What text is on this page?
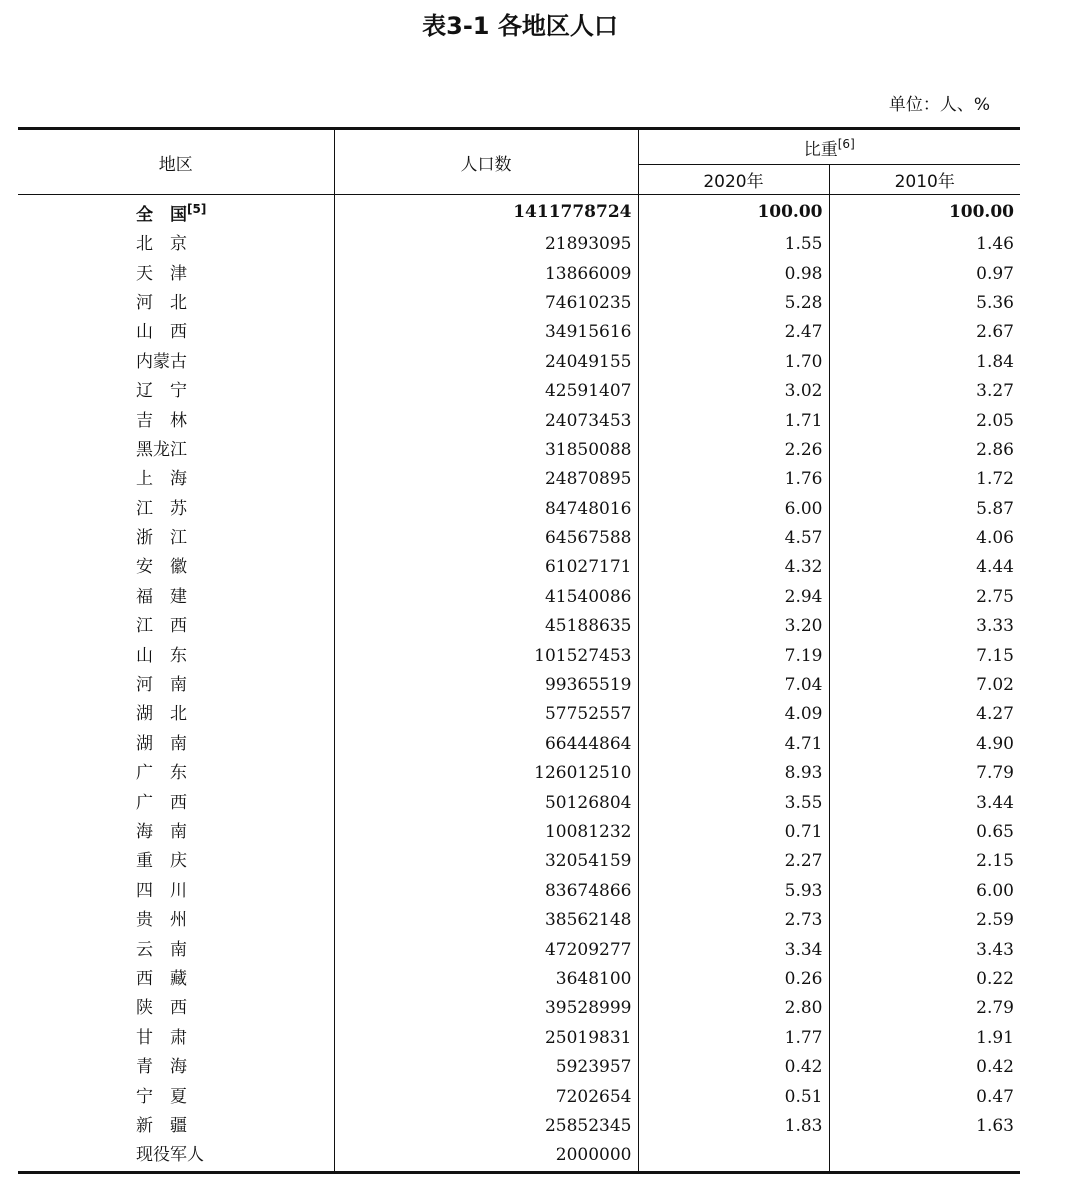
表3-1 各地区人口
单位：人、%
地区	人口数	比重[6]
		2020年	2010年
全　国[5]	1411778724	100.00	100.00
北　京	21893095	1.55	1.46
天　津	13866009	0.98	0.97
河　北	74610235	5.28	5.36
山　西	34915616	2.47	2.67
内蒙古	24049155	1.70	1.84
辽　宁	42591407	3.02	3.27
吉　林	24073453	1.71	2.05
黑龙江	31850088	2.26	2.86
上　海	24870895	1.76	1.72
江　苏	84748016	6.00	5.87
浙　江	64567588	4.57	4.06
安　徽	61027171	4.32	4.44
福　建	41540086	2.94	2.75
江　西	45188635	3.20	3.33
山　东	101527453	7.19	7.15
河　南	99365519	7.04	7.02
湖　北	57752557	4.09	4.27
湖　南	66444864	4.71	4.90
广　东	126012510	8.93	7.79
广　西	50126804	3.55	3.44
海　南	10081232	0.71	0.65
重　庆	32054159	2.27	2.15
四　川	83674866	5.93	6.00
贵　州	38562148	2.73	2.59
云　南	47209277	3.34	3.43
西　藏	3648100	0.26	0.22
陕　西	39528999	2.80	2.79
甘　肃	25019831	1.77	1.91
青　海	5923957	0.42	0.42
宁　夏	7202654	0.51	0.47
新　疆	25852345	1.83	1.63
现役军人	2000000		
